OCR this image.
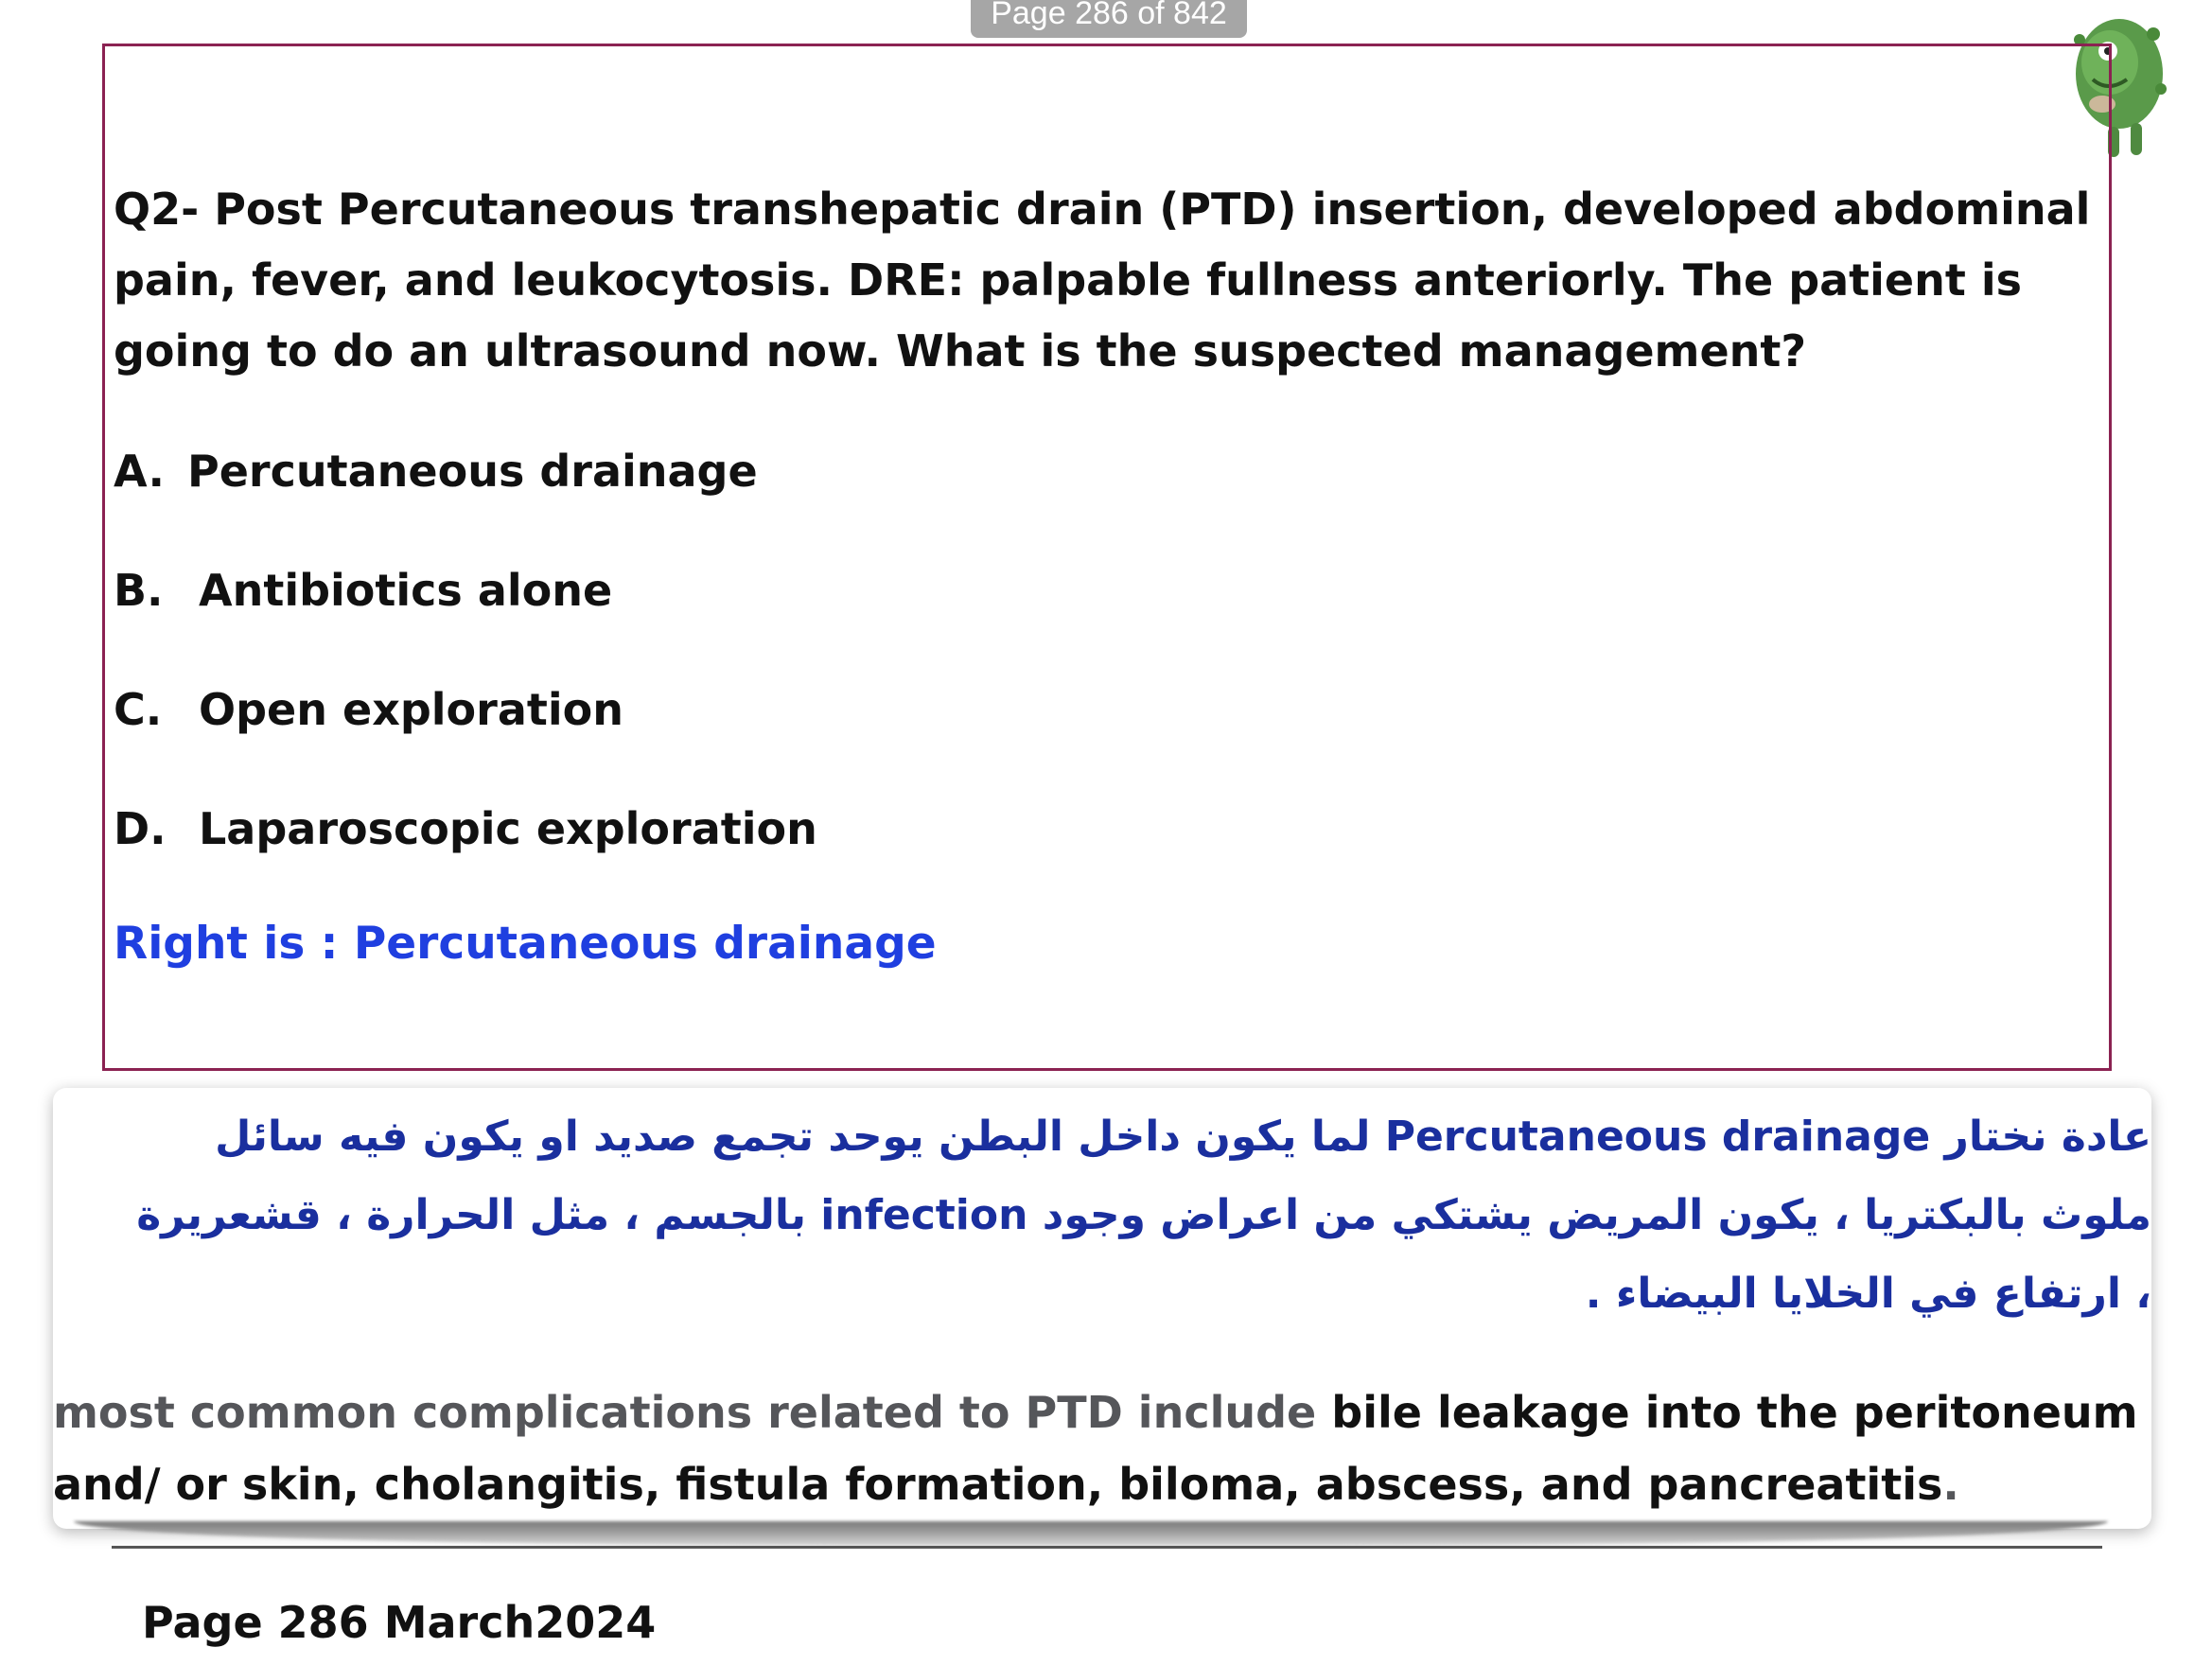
Page 286 of 842
Q2- Post Percutaneous transhepatic drain (PTD) insertion, developed abdominal pain, fever, and leukocytosis. DRE: palpable fullness anteriorly. The patient is going to do an ultrasound now. What is the suspected management?
A. Percutaneous drainage
B. Antibiotics alone
C. Open exploration
D. Laparoscopic exploration
Right is : Percutaneous drainage
عادة نختار Percutaneous drainage لما يكون داخل البطن يوحد تجمع صديد او يكون فيه سائل ملوث بالبكتريا ، يكون المريض يشتكي من اعراض وجود infection بالجسم ، مثل الحرارة ، قشعريرة ، ارتفاع في الخلايا البيضاء .
most common complications related to PTD include bile leakage into the peritoneum and/ or skin, cholangitis, fistula formation, biloma, abscess, and pancreatitis.
Page 286 March2024
